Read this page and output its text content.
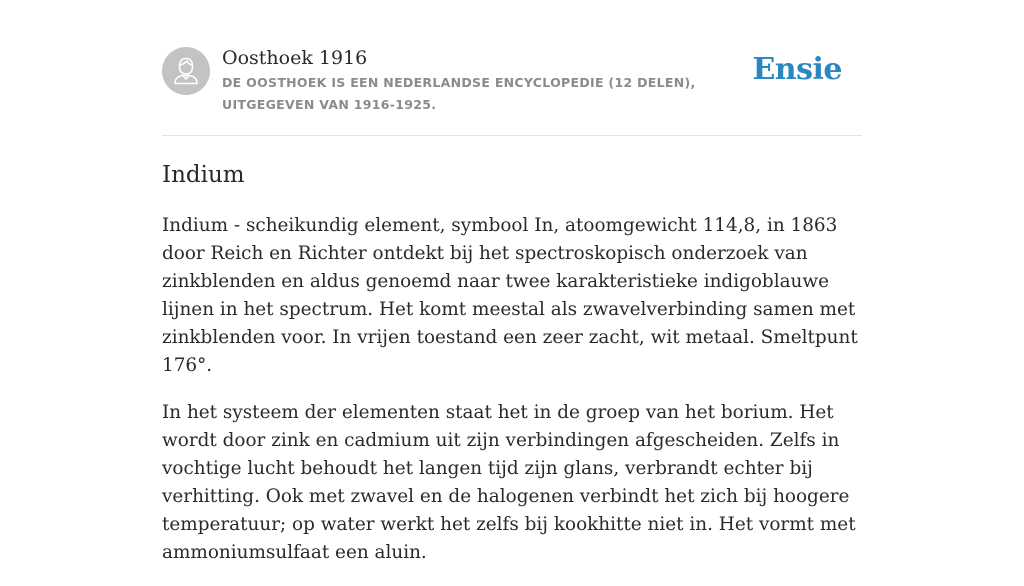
Oosthoek 1916
DE OOSTHOEK IS EEN NEDERLANDSE ENCYCLOPEDIE (12 DELEN), UITGEGEVEN VAN 1916-1925.
Ensie
Indium

Indium - scheikundig element, symbool In, atoomgewicht 114,8, in 1863 door Reich en Richter ontdekt bij het spectroskopisch onderzoek van zinkblenden en aldus genoemd naar twee karakteristieke indigoblauwe lijnen in het spectrum. Het komt meestal als zwavelverbinding samen met zinkblenden voor. In vrijen toestand een zeer zacht, wit metaal. Smeltpunt 176°.

In het systeem der elementen staat het in de groep van het borium. Het wordt door zink en cadmium uit zijn verbindingen afgescheiden. Zelfs in vochtige lucht behoudt het langen tijd zijn glans, verbrandt echter bij verhitting. Ook met zwavel en de halogenen verbindt het zich bij hoogere temperatuur; op water werkt het zelfs bij kookhitte niet in. Het vormt met ammoniumsulfaat een aluin.
